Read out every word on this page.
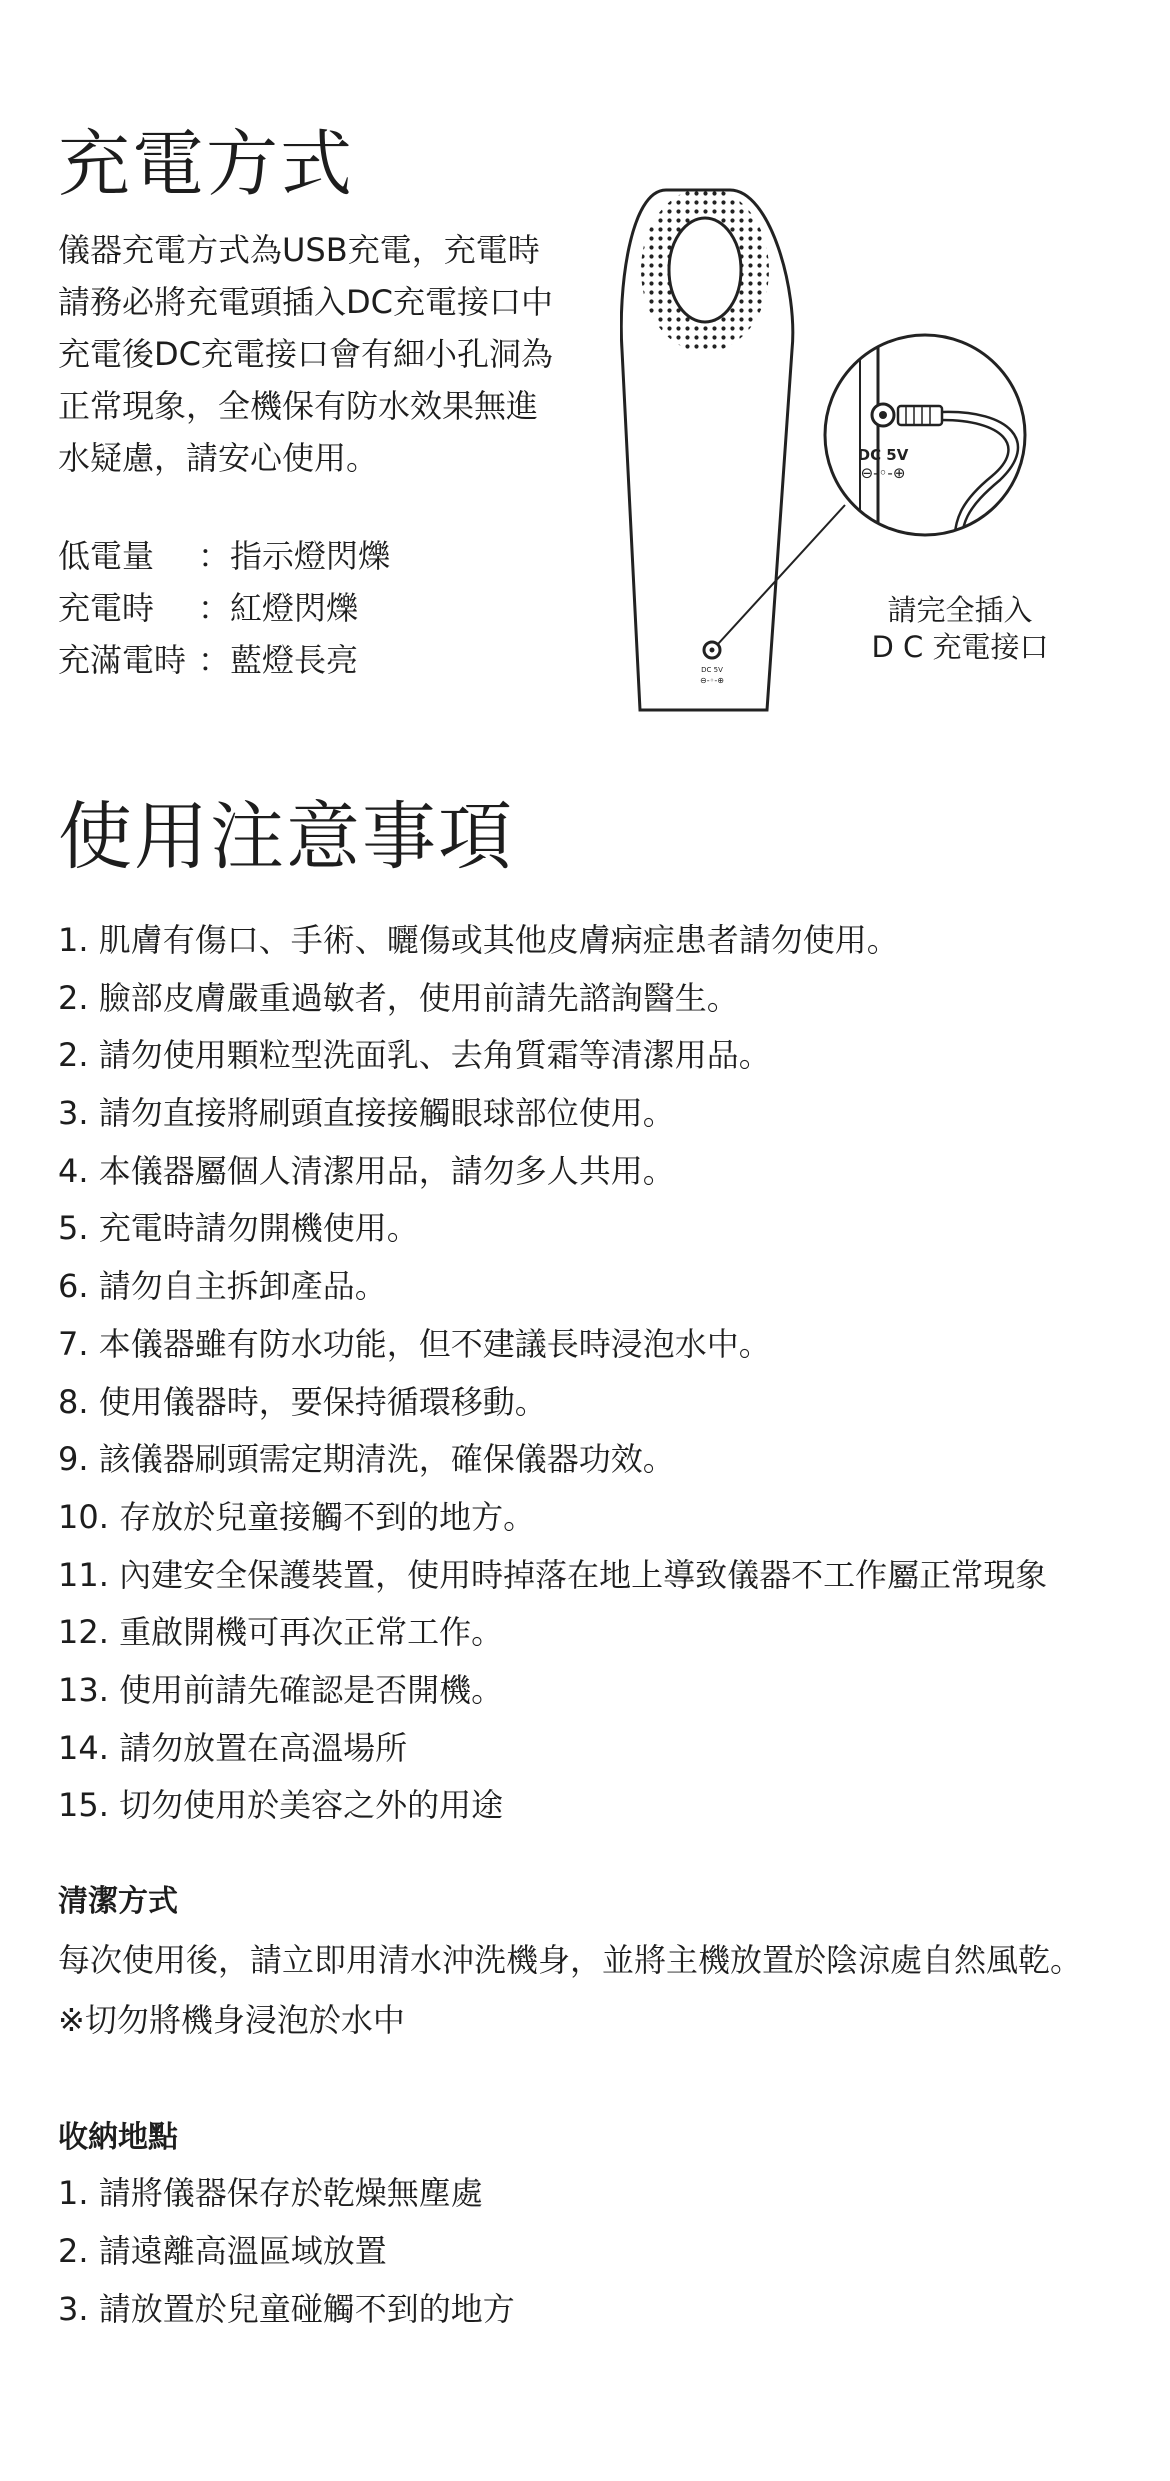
充電方式
儀器充電方式為USB充電，充電時
請務必將充電頭插入DC充電接口中
充電後DC充電接口會有細小孔洞為
正常現象，全機保有防水效果無進
水疑慮，請安心使用。
低電量	：指示燈閃爍
充電時	：紅燈閃爍
充滿電時 ：藍燈長亮	DC 5V
⊖-◦-⊕
DC 5V
⊖-◦-⊕
請完全插入
D C 充電接口
使用注意事項
1. 肌膚有傷口、手術、曬傷或其他皮膚病症患者請勿使用。
2. 臉部皮膚嚴重過敏者，使用前請先諮詢醫生。
2. 請勿使用顆粒型洗面乳、去角質霜等清潔用品。
3. 請勿直接將刷頭直接接觸眼球部位使用。
4. 本儀器屬個人清潔用品，請勿多人共用。
5. 充電時請勿開機使用。
6. 請勿自主拆卸產品。
7. 本儀器雖有防水功能，但不建議長時浸泡水中。
8. 使用儀器時，要保持循環移動。
9. 該儀器刷頭需定期清洗，確保儀器功效。
10. 存放於兒童接觸不到的地方。
11. 內建安全保護裝置，使用時掉落在地上導致儀器不工作屬正常現象
12. 重啟開機可再次正常工作。
13. 使用前請先確認是否開機。
14. 請勿放置在高溫場所
15. 切勿使用於美容之外的用途
清潔方式
每次使用後，請立即用清水沖洗機身，並將主機放置於陰涼處自然風乾。
※切勿將機身浸泡於水中
收納地點
1. 請將儀器保存於乾燥無塵處
2. 請遠離高溫區域放置
3. 請放置於兒童碰觸不到的地方
